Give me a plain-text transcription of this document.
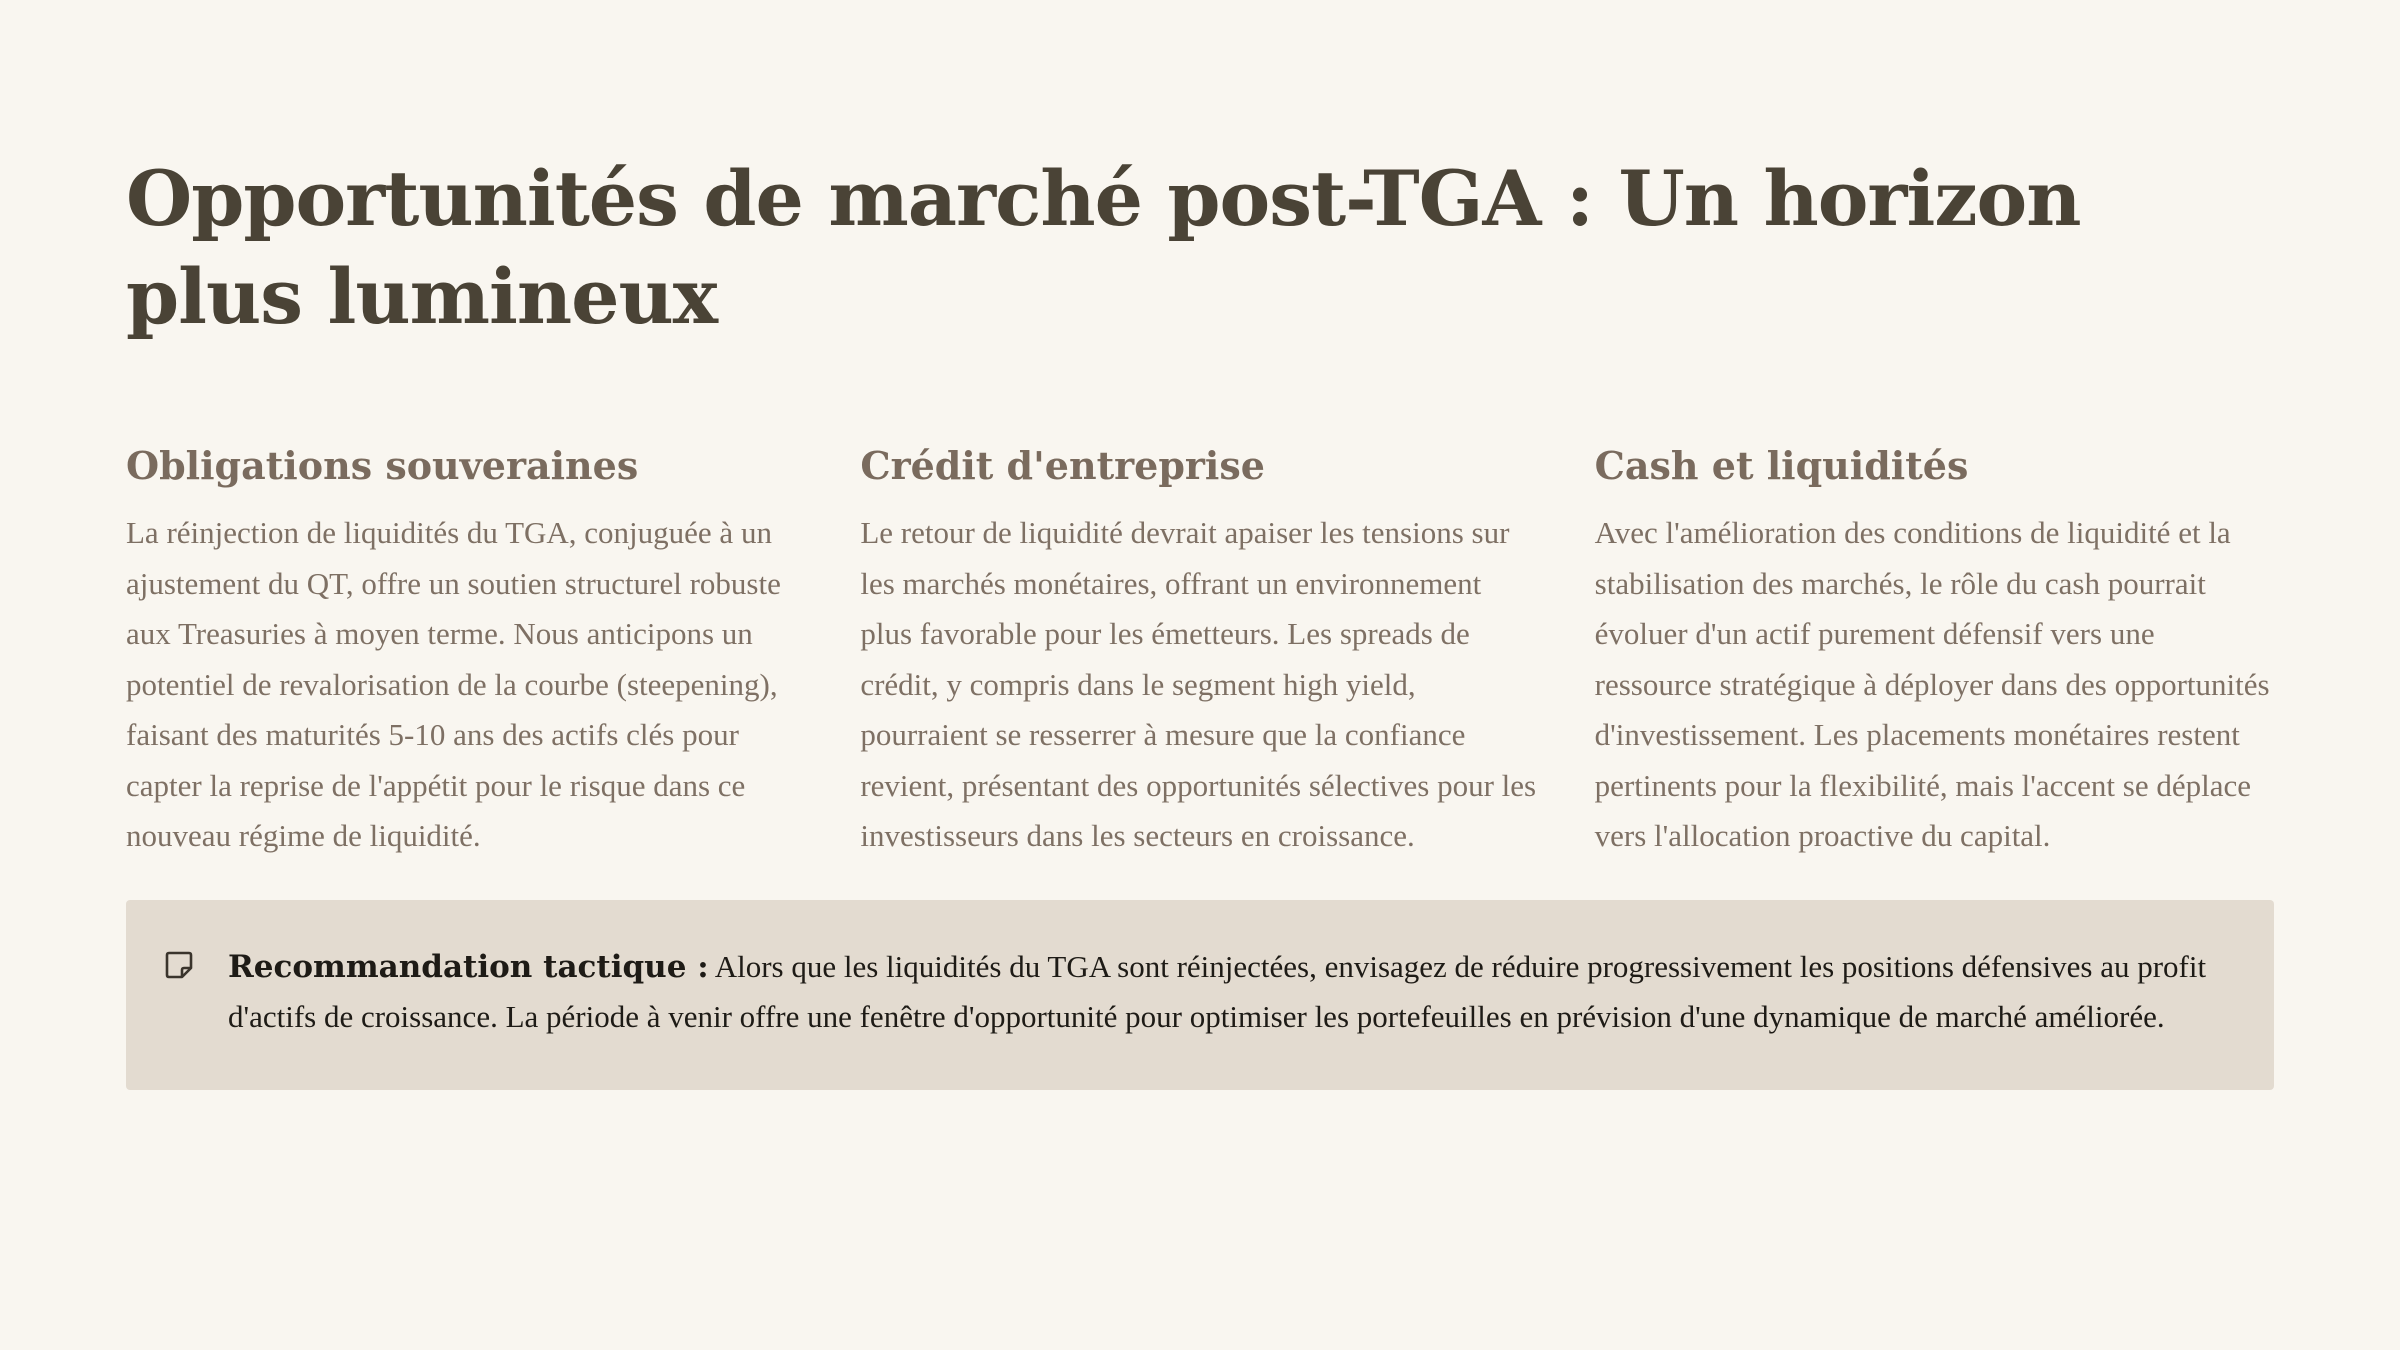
Opportunités de marché post-TGA : Un horizon plus lumineux
Obligations souveraines

La réinjection de liquidités du TGA, conjuguée à un ajustement du QT, offre un soutien structurel robuste aux Treasuries à moyen terme. Nous anticipons un potentiel de revalorisation de la courbe (steepening), faisant des maturités 5-10 ans des actifs clés pour capter la reprise de l'appétit pour le risque dans ce nouveau régime de liquidité.

Crédit d'entreprise

Le retour de liquidité devrait apaiser les tensions sur les marchés monétaires, offrant un environnement plus favorable pour les émetteurs. Les spreads de crédit, y compris dans le segment high yield, pourraient se resserrer à mesure que la confiance revient, présentant des opportunités sélectives pour les investisseurs dans les secteurs en croissance.

Cash et liquidités

Avec l'amélioration des conditions de liquidité et la stabilisation des marchés, le rôle du cash pourrait évoluer d'un actif purement défensif vers une ressource stratégique à déployer dans des opportunités d'investissement. Les placements monétaires restent pertinents pour la flexibilité, mais l'accent se déplace vers l'allocation proactive du capital.

Recommandation tactique : Alors que les liquidités du TGA sont réinjectées, envisagez de réduire progressivement les positions défensives au profit d'actifs de croissance. La période à venir offre une fenêtre d'opportunité pour optimiser les portefeuilles en prévision d'une dynamique de marché améliorée.
